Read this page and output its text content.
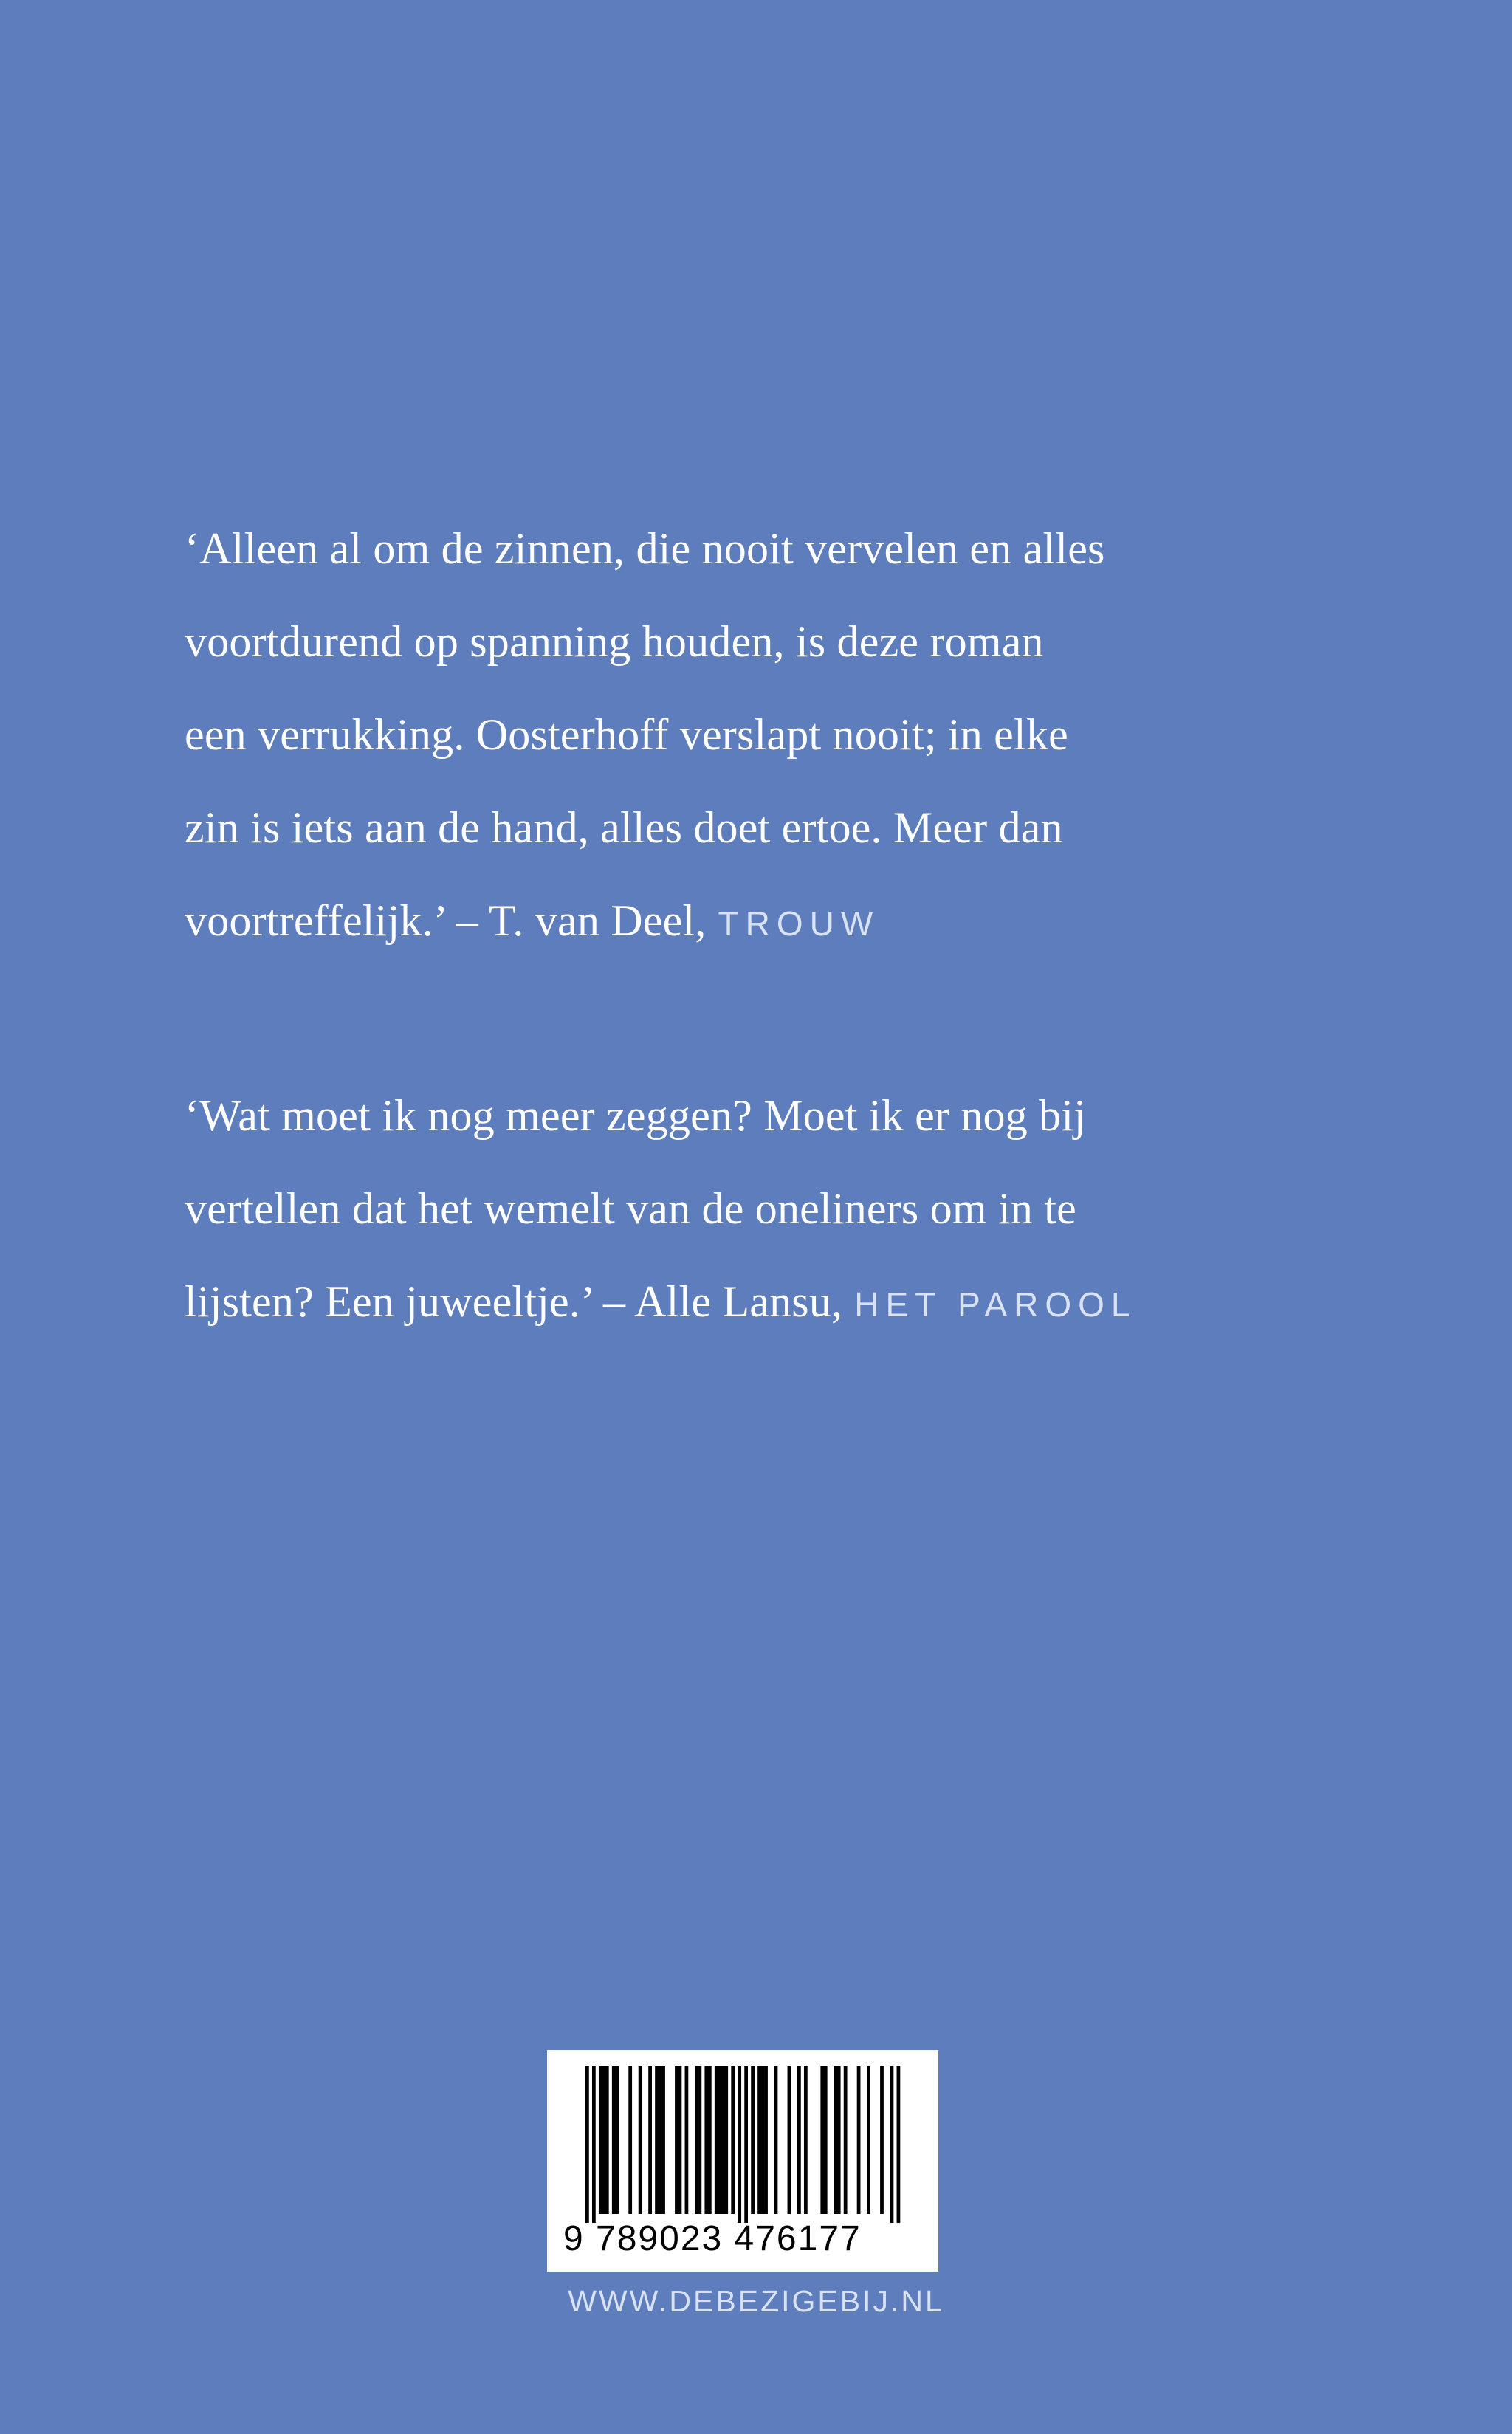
‘Alleen al om de zinnen, die nooit vervelen en alles
voortdurend op spanning houden, is deze roman
een verrukking. Oosterhoff verslapt nooit; in elke
zin is iets aan de hand, alles doet ertoe. Meer dan
voortreffelijk.’ – T. van Deel, TROUW
‘Wat moet ik nog meer zeggen? Moet ik er nog bij
vertellen dat het wemelt van de oneliners om in te
lijsten? Een juweeltje.’ – Alle Lansu, HET PAROOL
9 789023 476177
WWW.DEBEZIGEBIJ.NL
